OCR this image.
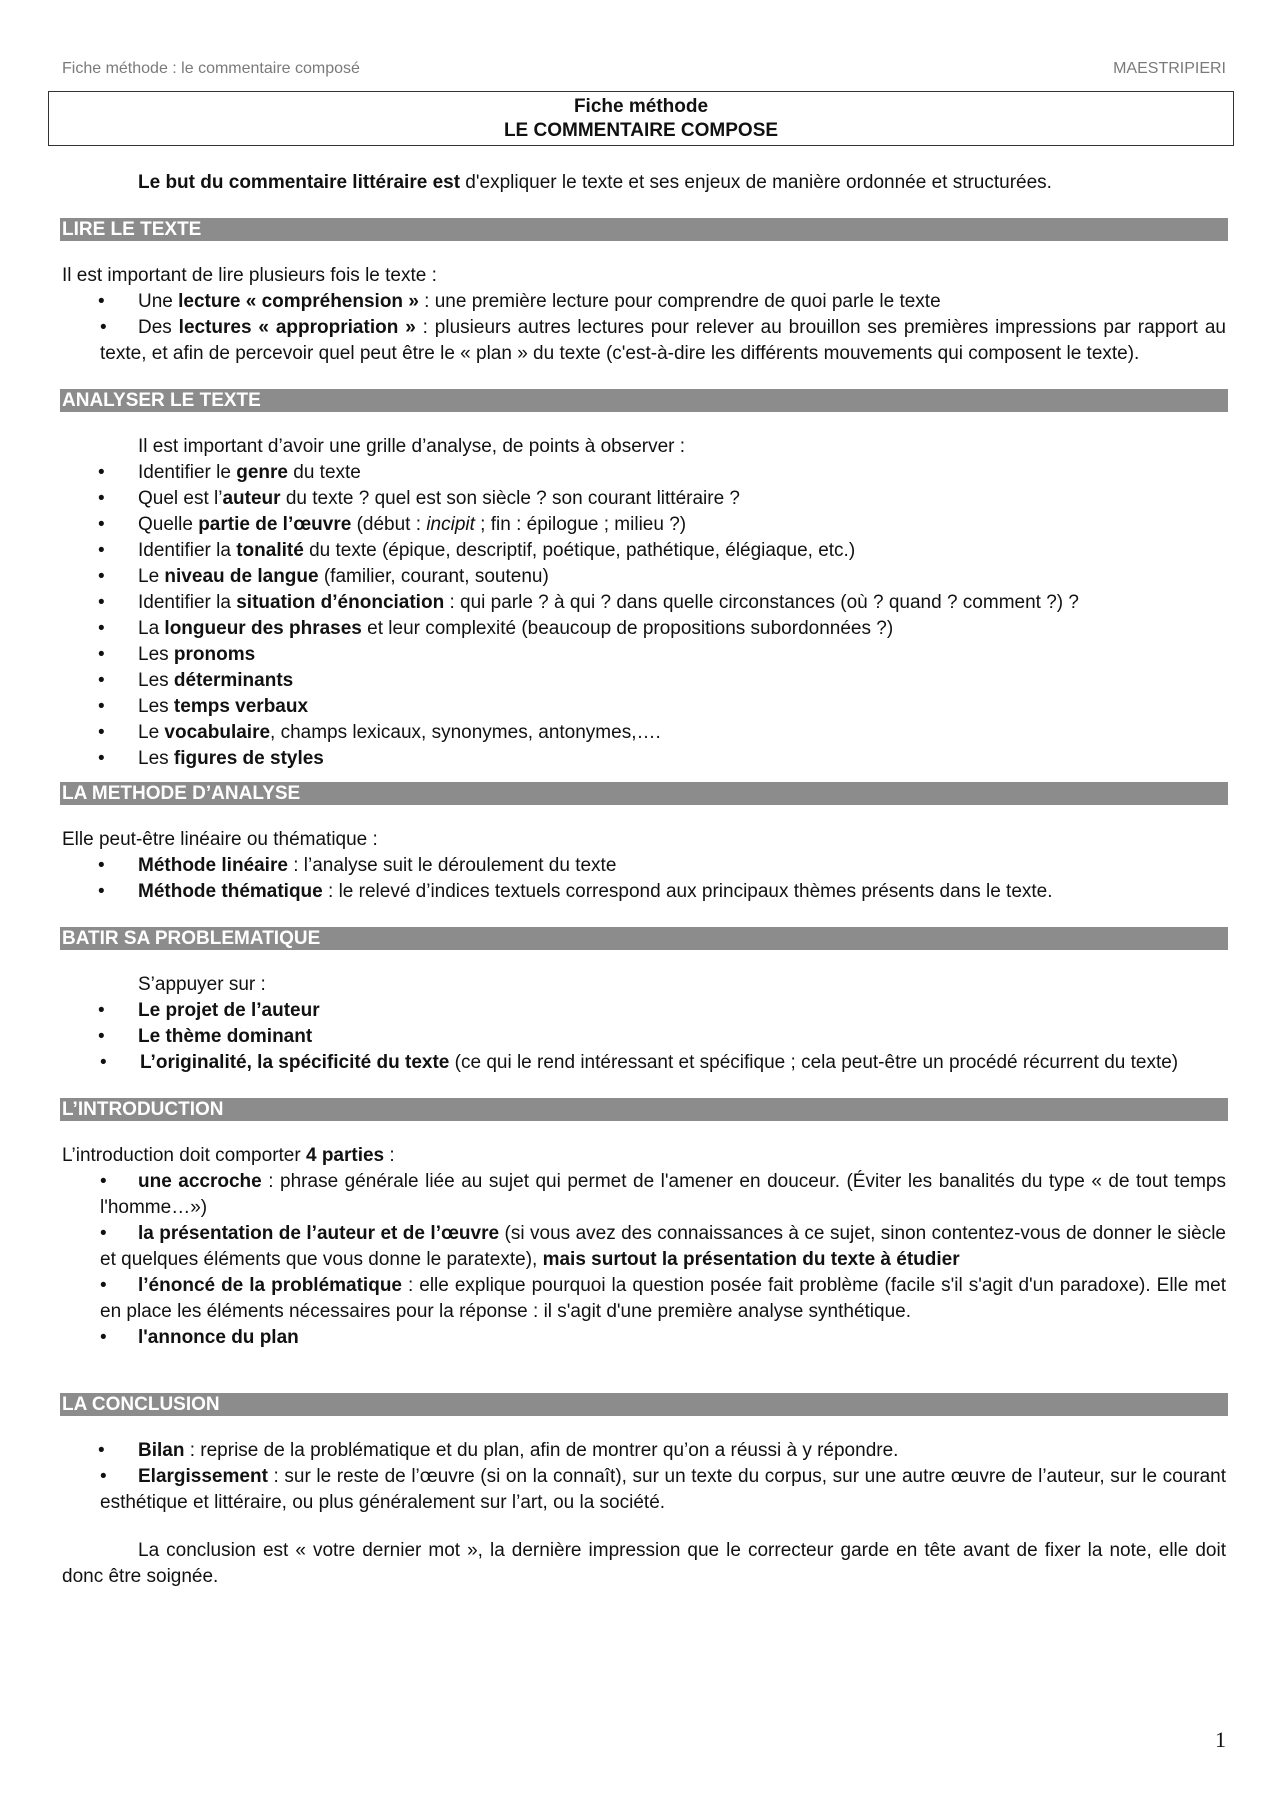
Fiche méthode : le commentaire composé	MAESTRIPIERI
Fiche méthode
LE COMMENTAIRE COMPOSE

Le but du commentaire littéraire est d'expliquer le texte et ses enjeux de manière ordonnée et structurées.

LIRE LE TEXTE

Il est important de lire plusieurs fois le texte :

• Une lecture « compréhension » : une première lecture pour comprendre de quoi parle le texte
• Des lectures « appropriation » : plusieurs autres lectures pour relever au brouillon ses premières impressions par rapport au texte, et afin de percevoir quel peut être le « plan » du texte (c'est-à-dire les différents mouvements qui composent le texte).
ANALYSER LE TEXTE

Il est important d’avoir une grille d’analyse, de points à observer :

• Identifier le genre du texte
• Quel est l’auteur du texte ? quel est son siècle ? son courant littéraire ?
• Quelle partie de l’œuvre (début : incipit ; fin : épilogue ; milieu ?)
• Identifier la tonalité du texte (épique, descriptif, poétique, pathétique, élégiaque, etc.)
• Le niveau de langue (familier, courant, soutenu)
• Identifier la situation d’énonciation : qui parle ? à qui ? dans quelle circonstances (où ? quand ? comment ?) ?
• La longueur des phrases et leur complexité (beaucoup de propositions subordonnées ?)
• Les pronoms
• Les déterminants
• Les temps verbaux
• Le vocabulaire, champs lexicaux, synonymes, antonymes,….
• Les figures de styles
LA METHODE D’ANALYSE

Elle peut-être linéaire ou thématique :

• Méthode linéaire : l’analyse suit le déroulement du texte
• Méthode thématique : le relevé d’indices textuels correspond aux principaux thèmes présents dans le texte.
BATIR SA PROBLEMATIQUE

S’appuyer sur :

• Le projet de l’auteur
• Le thème dominant
• L’originalité, la spécificité du texte (ce qui le rend intéressant et spécifique ; cela peut-être un procédé récurrent du texte)
L’INTRODUCTION

L’introduction doit comporter 4 parties :

• une accroche : phrase générale liée au sujet qui permet de l'amener en douceur. (Éviter les banalités du type « de tout temps l'homme…»)
• la présentation de l’auteur et de l’œuvre (si vous avez des connaissances à ce sujet, sinon contentez-vous de donner le siècle et quelques éléments que vous donne le paratexte), mais surtout la présentation du texte à étudier
• l’énoncé de la problématique : elle explique pourquoi la question posée fait problème (facile s'il s'agit d'un paradoxe). Elle met en place les éléments nécessaires pour la réponse : il s'agit d'une première analyse synthétique.
• l'annonce du plan
LA CONCLUSION
• Bilan : reprise de la problématique et du plan, afin de montrer qu’on a réussi à y répondre.
• Elargissement : sur le reste de l’œuvre (si on la connaît), sur un texte du corpus, sur une autre œuvre de l’auteur, sur le courant esthétique et littéraire, ou plus généralement sur l’art, ou la société.

La conclusion est « votre dernier mot », la dernière impression que le correcteur garde en tête avant de fixer la note, elle doit donc être soignée.

1
